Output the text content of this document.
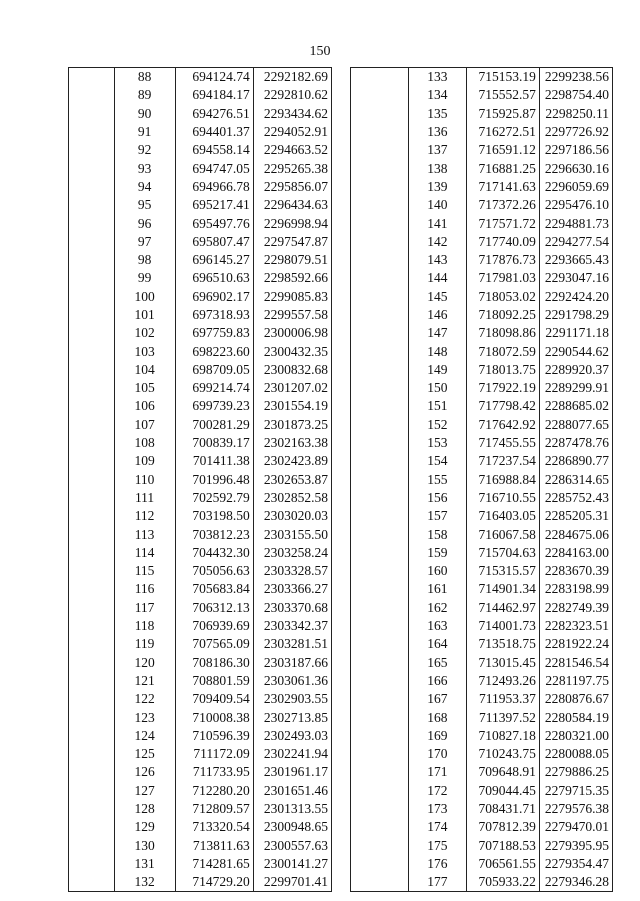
150
	88	694124.74	2292182.69
	89	694184.17	2292810.62
	90	694276.51	2293434.62
	91	694401.37	2294052.91
	92	694558.14	2294663.52
	93	694747.05	2295265.38
	94	694966.78	2295856.07
	95	695217.41	2296434.63
	96	695497.76	2296998.94
	97	695807.47	2297547.87
	98	696145.27	2298079.51
	99	696510.63	2298592.66
	100	696902.17	2299085.83
	101	697318.93	2299557.58
	102	697759.83	2300006.98
	103	698223.60	2300432.35
	104	698709.05	2300832.68
	105	699214.74	2301207.02
	106	699739.23	2301554.19
	107	700281.29	2301873.25
	108	700839.17	2302163.38
	109	701411.38	2302423.89
	110	701996.48	2302653.87
	111	702592.79	2302852.58
	112	703198.50	2303020.03
	113	703812.23	2303155.50
	114	704432.30	2303258.24
	115	705056.63	2303328.57
	116	705683.84	2303366.27
	117	706312.13	2303370.68
	118	706939.69	2303342.37
	119	707565.09	2303281.51
	120	708186.30	2303187.66
	121	708801.59	2303061.36
	122	709409.54	2302903.55
	123	710008.38	2302713.85
	124	710596.39	2302493.03
	125	711172.09	2302241.94
	126	711733.95	2301961.17
	127	712280.20	2301651.46
	128	712809.57	2301313.55
	129	713320.54	2300948.65
	130	713811.63	2300557.63
	131	714281.65	2300141.27
	132	714729.20	2299701.41
	133	715153.19	2299238.56
	134	715552.57	2298754.40
	135	715925.87	2298250.11
	136	716272.51	2297726.92
	137	716591.12	2297186.56
	138	716881.25	2296630.16
	139	717141.63	2296059.69
	140	717372.26	2295476.10
	141	717571.72	2294881.73
	142	717740.09	2294277.54
	143	717876.73	2293665.43
	144	717981.03	2293047.16
	145	718053.02	2292424.20
	146	718092.25	2291798.29
	147	718098.86	2291171.18
	148	718072.59	2290544.62
	149	718013.75	2289920.37
	150	717922.19	2289299.91
	151	717798.42	2288685.02
	152	717642.92	2288077.65
	153	717455.55	2287478.76
	154	717237.54	2286890.77
	155	716988.84	2286314.65
	156	716710.55	2285752.43
	157	716403.05	2285205.31
	158	716067.58	2284675.06
	159	715704.63	2284163.00
	160	715315.57	2283670.39
	161	714901.34	2283198.99
	162	714462.97	2282749.39
	163	714001.73	2282323.51
	164	713518.75	2281922.24
	165	713015.45	2281546.54
	166	712493.26	2281197.75
	167	711953.37	2280876.67
	168	711397.52	2280584.19
	169	710827.18	2280321.00
	170	710243.75	2280088.05
	171	709648.91	2279886.25
	172	709044.45	2279715.35
	173	708431.71	2279576.38
	174	707812.39	2279470.01
	175	707188.53	2279395.95
	176	706561.55	2279354.47
	177	705933.22	2279346.28
